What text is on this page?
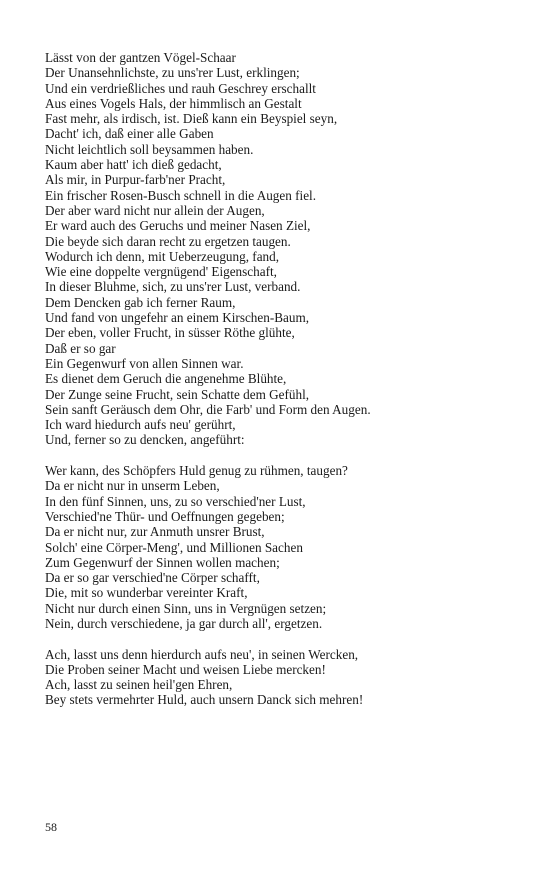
Lässt von der gantzen Vögel-Schaar
Der Unansehnlichste, zu uns'rer Lust, erklingen;
Und ein verdrießliches und rauh Geschrey erschallt
Aus eines Vogels Hals, der himmlisch an Gestalt
Fast mehr, als irdisch, ist. Dieß kann ein Beyspiel seyn,
Dacht' ich, daß einer alle Gaben
Nicht leichtlich soll beysammen haben.
Kaum aber hatt' ich dieß gedacht,
Als mir, in Purpur-farb'ner Pracht,
Ein frischer Rosen-Busch schnell in die Augen fiel.
Der aber ward nicht nur allein der Augen,
Er ward auch des Geruchs und meiner Nasen Ziel,
Die beyde sich daran recht zu ergetzen taugen.
Wodurch ich denn, mit Ueberzeugung, fand,
Wie eine doppelte vergnügend' Eigenschaft,
In dieser Bluhme, sich, zu uns'rer Lust, verband.
Dem Dencken gab ich ferner Raum,
Und fand von ungefehr an einem Kirschen-Baum,
Der eben, voller Frucht, in süsser Röthe glühte,
Daß er so gar
Ein Gegenwurf von allen Sinnen war.
Es dienet dem Geruch die angenehme Blühte,
Der Zunge seine Frucht, sein Schatte dem Gefühl,
Sein sanft Geräusch dem Ohr, die Farb' und Form den Augen.
Ich ward hiedurch aufs neu' gerührt,
Und, ferner so zu dencken, angeführt:
Wer kann, des Schöpfers Huld genug zu rühmen, taugen?
Da er nicht nur in unserm Leben,
In den fünf Sinnen, uns, zu so verschied'ner Lust,
Verschied'ne Thür- und Oeffnungen gegeben;
Da er nicht nur, zur Anmuth unsrer Brust,
Solch' eine Cörper-Meng', und Millionen Sachen
Zum Gegenwurf der Sinnen wollen machen;
Da er so gar verschied'ne Cörper schafft,
Die, mit so wunderbar vereinter Kraft,
Nicht nur durch einen Sinn, uns in Vergnügen setzen;
Nein, durch verschiedene, ja gar durch all', ergetzen.
Ach, lasst uns denn hierdurch aufs neu', in seinen Wercken,
Die Proben seiner Macht und weisen Liebe mercken!
Ach, lasst zu seinen heil'gen Ehren,
Bey stets vermehrter Huld, auch unsern Danck sich mehren!
58
